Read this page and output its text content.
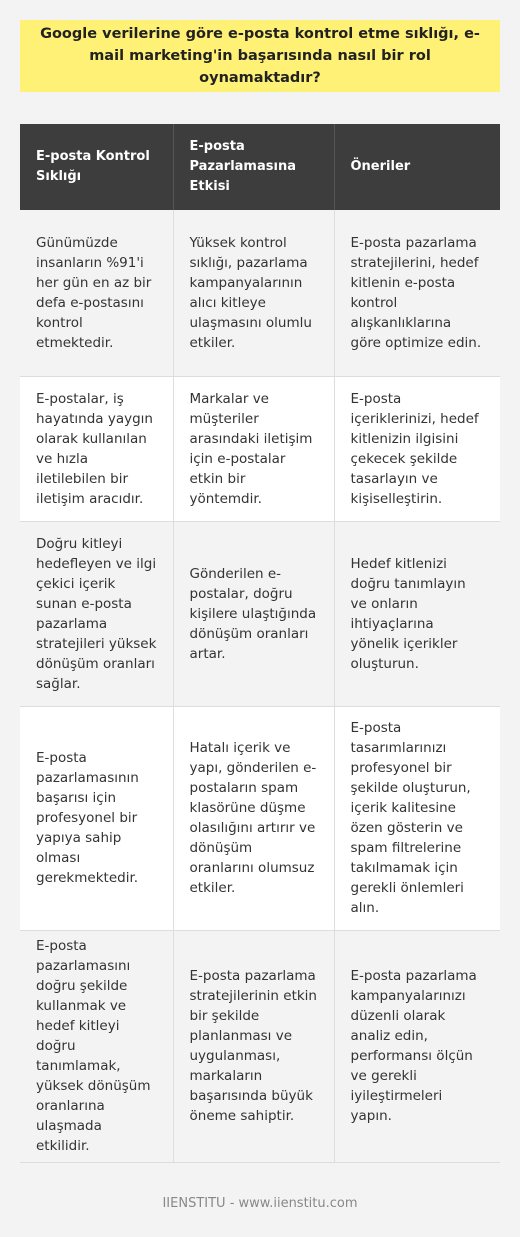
Google verilerine göre e-posta kontrol etme sıklığı, e-mail marketing'in başarısında nasıl bir rol oynamaktadır?
E-posta Kontrol Sıklığı	E-posta Pazarlamasına Etkisi	Öneriler
Günümüzde insanların %91'i her gün en az bir defa e-postasını kontrol etmektedir.	Yüksek kontrol sıklığı, pazarlama kampanyalarının alıcı kitleye ulaşmasını olumlu etkiler.	E-posta pazarlama stratejilerini, hedef kitlenin e-posta kontrol alışkanlıklarına göre optimize edin.
E-postalar, iş hayatında yaygın olarak kullanılan ve hızla iletilebilen bir iletişim aracıdır.	Markalar ve müşteriler arasındaki iletişim için e-postalar etkin bir yöntemdir.	E-posta içeriklerinizi, hedef kitlenizin ilgisini çekecek şekilde tasarlayın ve kişiselleştirin.
Doğru kitleyi hedefleyen ve ilgi çekici içerik sunan e-posta pazarlama stratejileri yüksek dönüşüm oranları sağlar.	Gönderilen e-postalar, doğru kişilere ulaştığında dönüşüm oranları artar.	Hedef kitlenizi doğru tanımlayın ve onların ihtiyaçlarına yönelik içerikler oluşturun.
E-posta pazarlamasının başarısı için profesyonel bir yapıya sahip olması gerekmektedir.	Hatalı içerik ve yapı, gönderilen e-postaların spam klasörüne düşme olasılığını artırır ve dönüşüm oranlarını olumsuz etkiler.	E-posta tasarımlarınızı profesyonel bir şekilde oluşturun, içerik kalitesine özen gösterin ve spam filtrelerine takılmamak için gerekli önlemleri alın.
E-posta pazarlamasını doğru şekilde kullanmak ve hedef kitleyi doğru tanımlamak, yüksek dönüşüm oranlarına ulaşmada etkilidir.	E-posta pazarlama stratejilerinin etkin bir şekilde planlanması ve uygulanması, markaların başarısında büyük öneme sahiptir.	E-posta pazarlama kampanyalarınızı düzenli olarak analiz edin, performansı ölçün ve gerekli iyileştirmeleri yapın.
IIENSTITU - www.iienstitu.com
